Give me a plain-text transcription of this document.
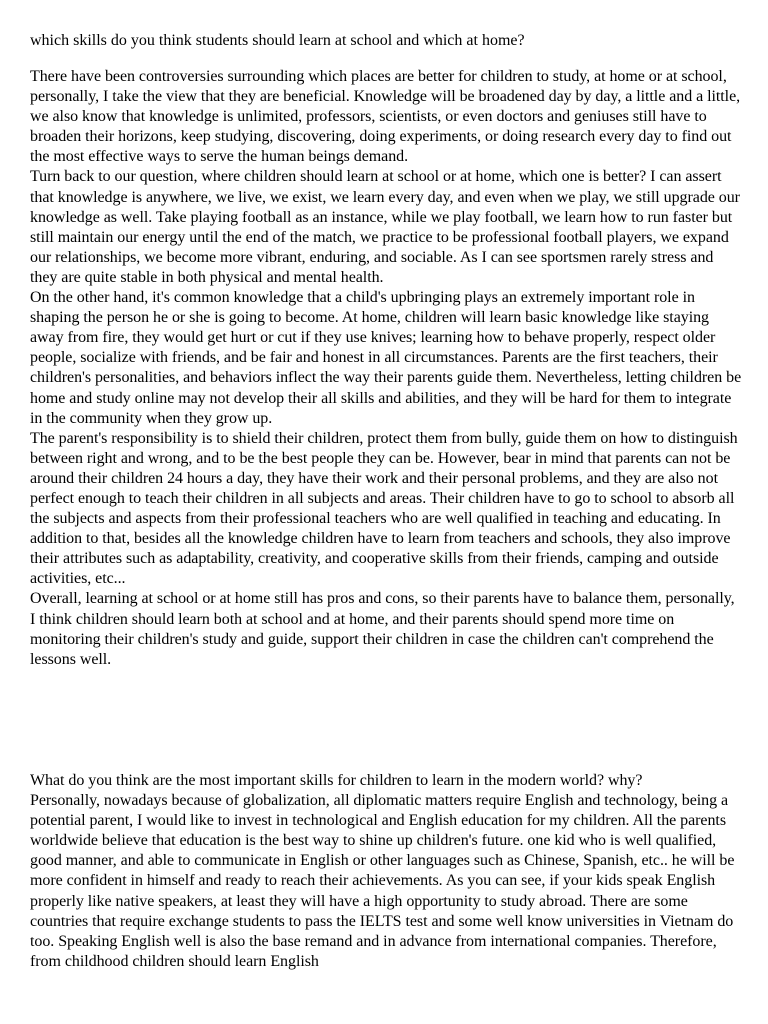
which skills do you think students should learn at school and which at home?

There have been controversies surrounding which places are better for children to study, at home or at school, personally, I take the view that they are beneficial. Knowledge will be broadened day by day, a little and a little, we also know that knowledge is unlimited, professors, scientists, or even doctors and geniuses still have to broaden their horizons, keep studying, discovering, doing experiments, or doing research every day to find out the most effective ways to serve the human beings demand.

Turn back to our question, where children should learn at school or at home, which one is better? I can assert that knowledge is anywhere, we live, we exist, we learn every day, and even when we play, we still upgrade our knowledge as well. Take playing football as an instance, while we play football, we learn how to run faster but still maintain our energy until the end of the match, we practice to be professional football players, we expand our relationships, we become more vibrant, enduring, and sociable. As I can see sportsmen rarely stress and they are quite stable in both physical and mental health.

On the other hand, it's common knowledge that a child's upbringing plays an extremely important role in shaping the person he or she is going to become. At home, children will learn basic knowledge like staying away from fire, they would get hurt or cut if they use knives; learning how to behave properly, respect older people, socialize with friends, and be fair and honest in all circumstances. Parents are the first teachers, their children's personalities, and behaviors inflect the way their parents guide them. Nevertheless, letting children be home and study online may not develop their all skills and abilities, and they will be hard for them to integrate in the community when they grow up.

The parent's responsibility is to shield their children, protect them from bully, guide them on how to distinguish between right and wrong, and to be the best people they can be. However, bear in mind that parents can not be around their children 24 hours a day, they have their work and their personal problems, and they are also not perfect enough to teach their children in all subjects and areas. Their children have to go to school to absorb all the subjects and aspects from their professional teachers who are well qualified in teaching and educating. In addition to that, besides all the knowledge children have to learn from teachers and schools, they also improve their attributes such as adaptability, creativity, and cooperative skills from their friends, camping and outside activities, etc...

Overall, learning at school or at home still has pros and cons, so their parents have to balance them, personally, I think children should learn both at school and at home, and their parents should spend more time on monitoring their children's study and guide, support their children in case the children can't comprehend the lessons well.

What do you think are the most important skills for children to learn in the modern world? why?

Personally, nowadays because of globalization, all diplomatic matters require English and technology, being a potential parent, I would like to invest in technological and English education for my children. All the parents worldwide believe that education is the best way to shine up children's future. one kid who is well qualified, good manner, and able to communicate in English or other languages such as Chinese, Spanish, etc.. he will be more confident in himself and ready to reach their achievements. As you can see, if your kids speak English properly like native speakers, at least they will have a high opportunity to study abroad. There are some countries that require exchange students to pass the IELTS test and some well know universities in Vietnam do too. Speaking English well is also the base remand and in advance from international companies. Therefore, from childhood children should learn English
